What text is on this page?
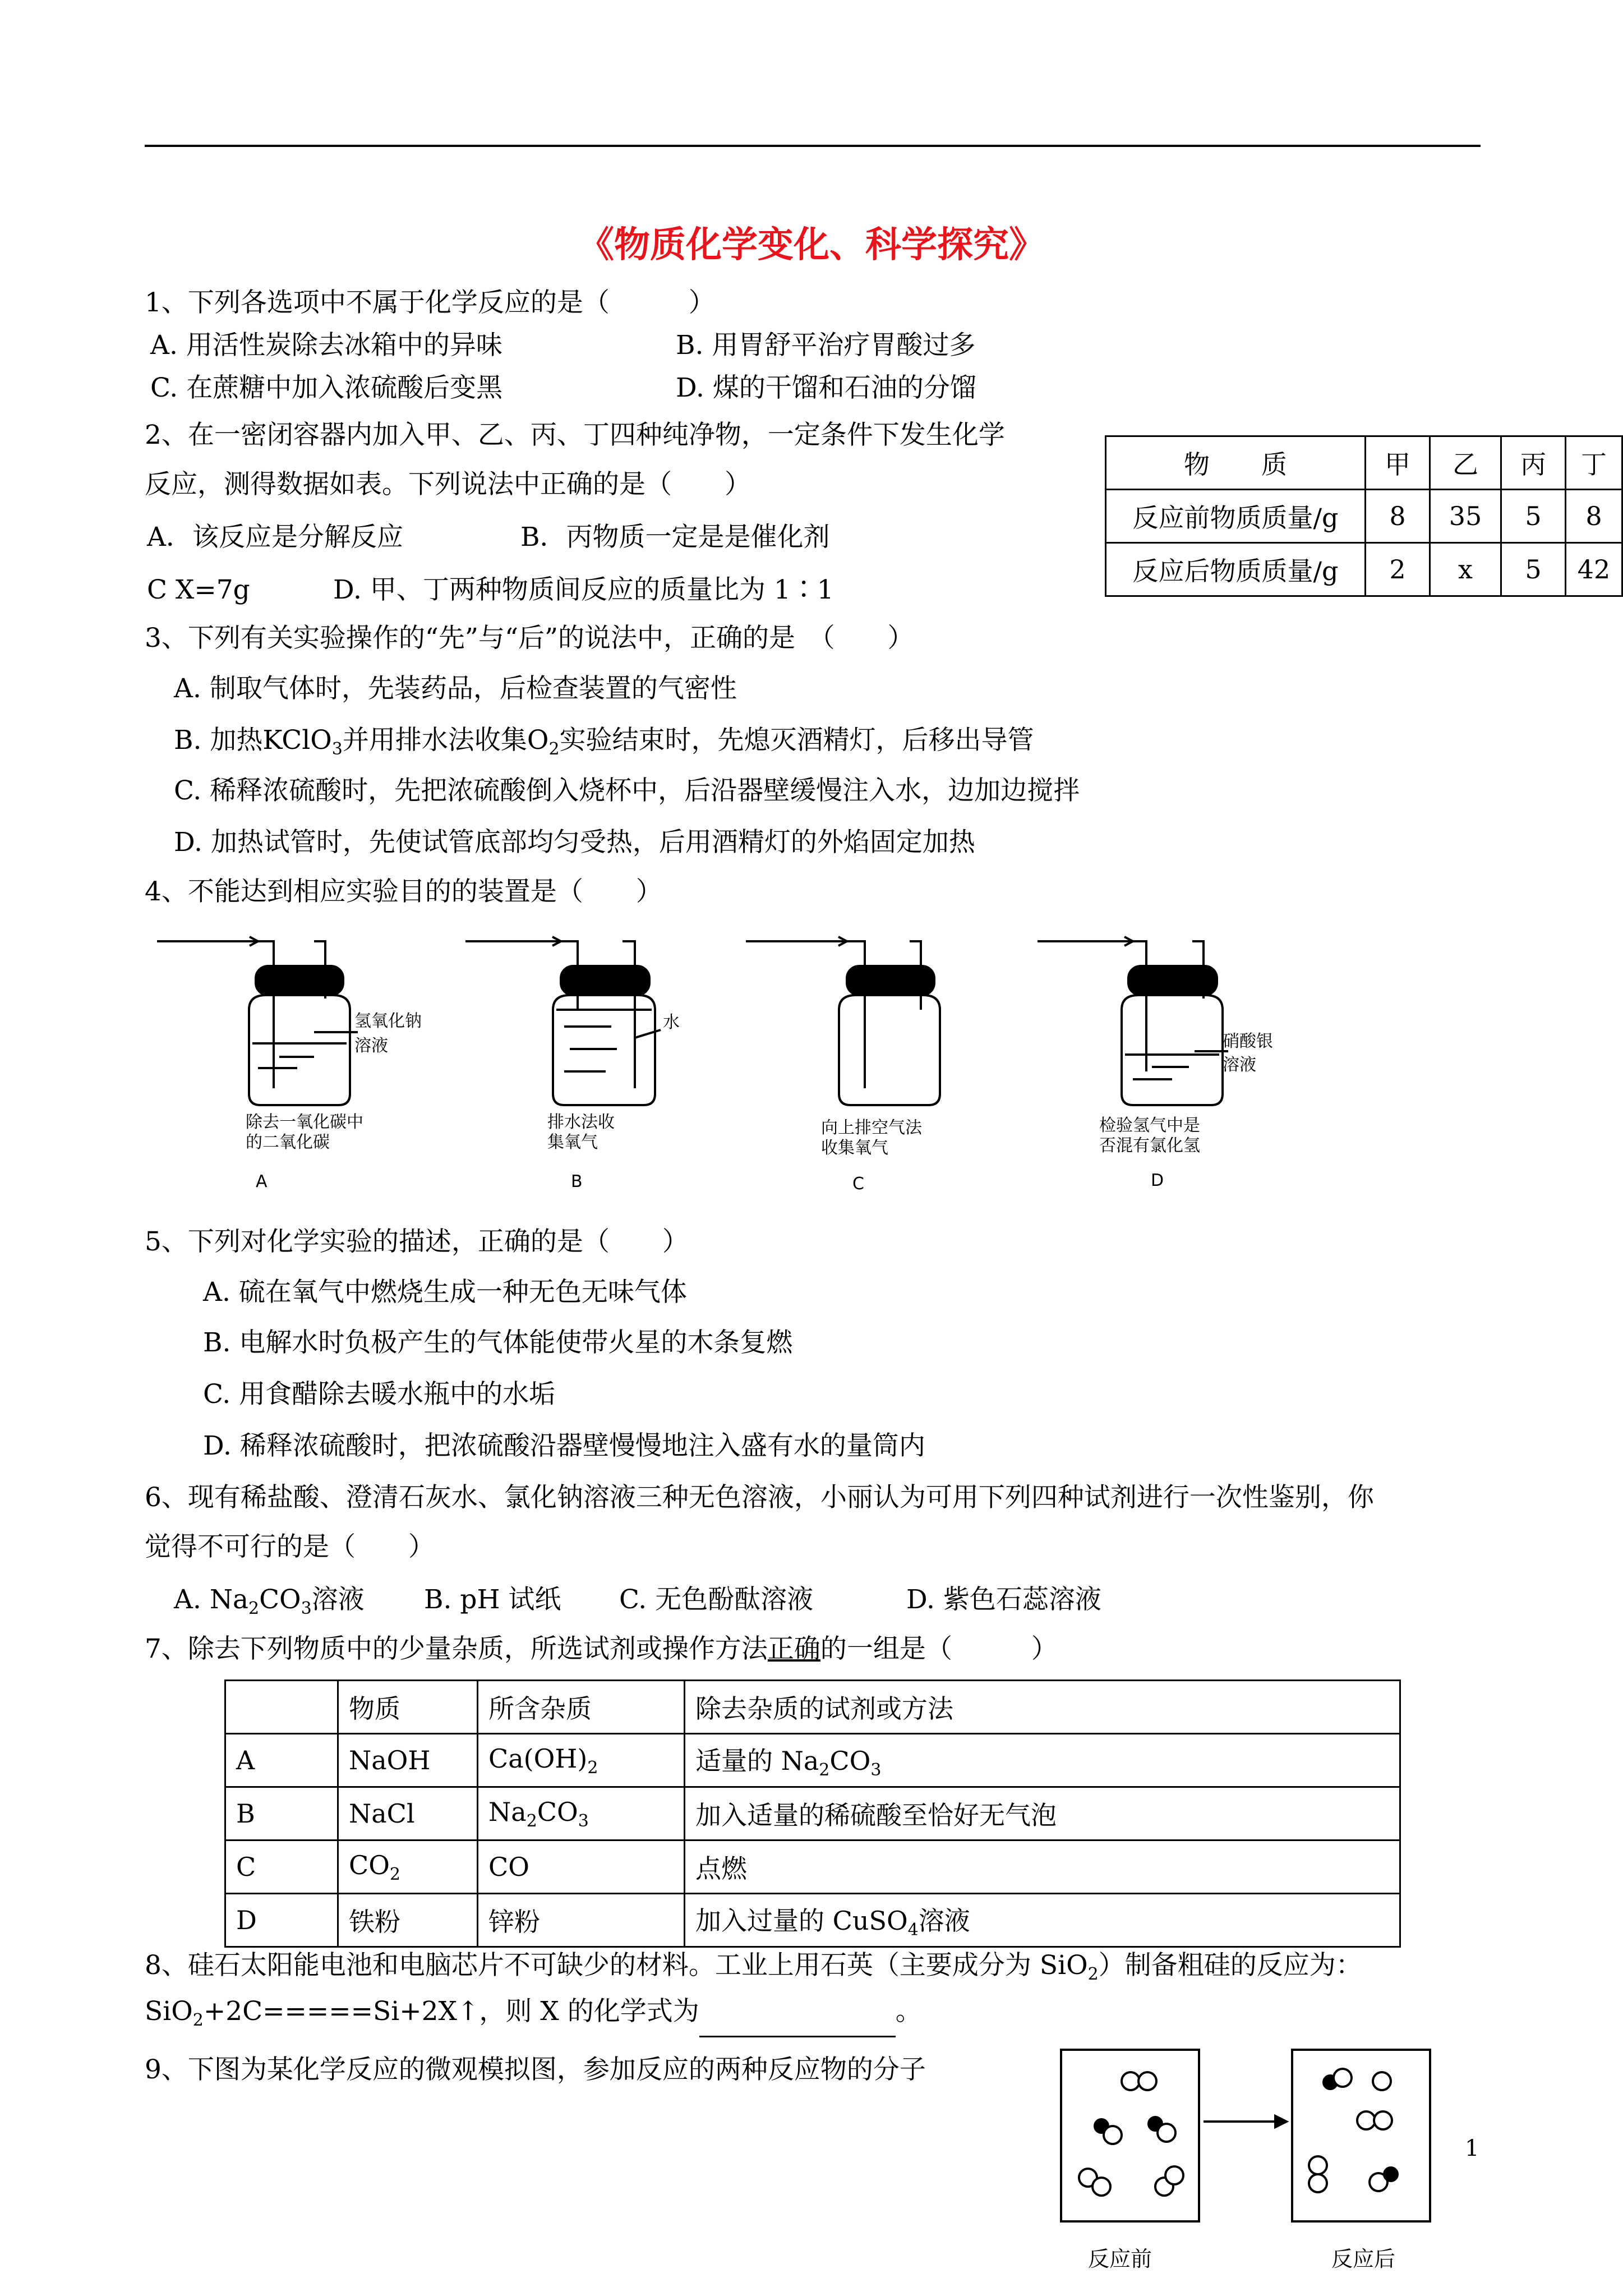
《物质化学变化、科学探究》
1、下列各选项中不属于化学反应的是（　　　）
A. 用活性炭除去冰箱中的异味	B. 用胃舒平治疗胃酸过多
C. 在蔗糖中加入浓硫酸后变黑	D. 煤的干馏和石油的分馏
2、在一密闭容器内加入甲、乙、丙、丁四种纯净物，一定条件下发生化学
反应，测得数据如表。下列说法中正确的是（　　）
A．该反应是分解反应	B．丙物质一定是是催化剂
C X=7g	D. 甲、丁两种物质间反应的质量比为 1∶1
物　　质	甲	乙	丙	丁
反应前物质质量/g	8	35	5	8
反应后物质质量/g	2	x	5	42
3、下列有关实验操作的“先”与“后”的说法中，正确的是　（　　）
A. 制取气体时，先装药品，后检查装置的气密性
B. 加热KClO$_3$并用排水法收集$O_2$实验结束时，先熄灭酒精灯，后移出导管
C. 稀释浓硫酸时，先把浓硫酸倒入烧杯中，后沿器壁缓慢注入水，边加边搅拌
D. 加热试管时，先使试管底部均匀受热，后用酒精灯的外焰固定加热
4、不能达到相应实验目的的装置是（　　）
氢氧化钠
溶液
除去一氧化碳中
的二氧化碳
A
水
排水法收
集氧气
B
向上排空气法
收集氧气
C
硝酸银
溶液
检验氢气中是
否混有氯化氢
D
5、下列对化学实验的描述，正确的是（　　）
A. 硫在氧气中燃烧生成一种无色无味气体
B. 电解水时负极产生的气体能使带火星的木条复燃
C. 用食醋除去暖水瓶中的水垢
D. 稀释浓硫酸时，把浓硫酸沿器壁慢慢地注入盛有水的量筒内
6、现有稀盐酸、澄清石灰水、氯化钠溶液三种无色溶液，小丽认为可用下列四种试剂进行一次性鉴别，你
觉得不可行的是（　　）
A. $Na_2CO_3$溶液 B. pH 试纸 C. 无色酚酞溶液	D. 紫色石蕊溶液
7、除去下列物质中的少量杂质，所选试剂或操作方法正确的一组是（　　　）
	物质	所含杂质	除去杂质的试剂或方法
A	NaOH	$Ca(OH)_2$	适量的 $Na_2CO_3$
B	NaCl	$Na_2CO_3$	加入适量的稀硫酸至恰好无气泡
C	$CO_2$	CO	点燃
D	铁粉	锌粉	加入过量的 CuSO$_4$溶液
8、硅石太阳能电池和电脑芯片不可缺少的材料。工业上用石英（主要成分为 SiO$_2$）制备粗硅的反应为：
SiO$_2$+2C=====Si+2X↑，则 X 的化学式为	。
9、下图为某化学反应的微观模拟图，参加反应的两种反应物的分子
反应前	反应后
1
